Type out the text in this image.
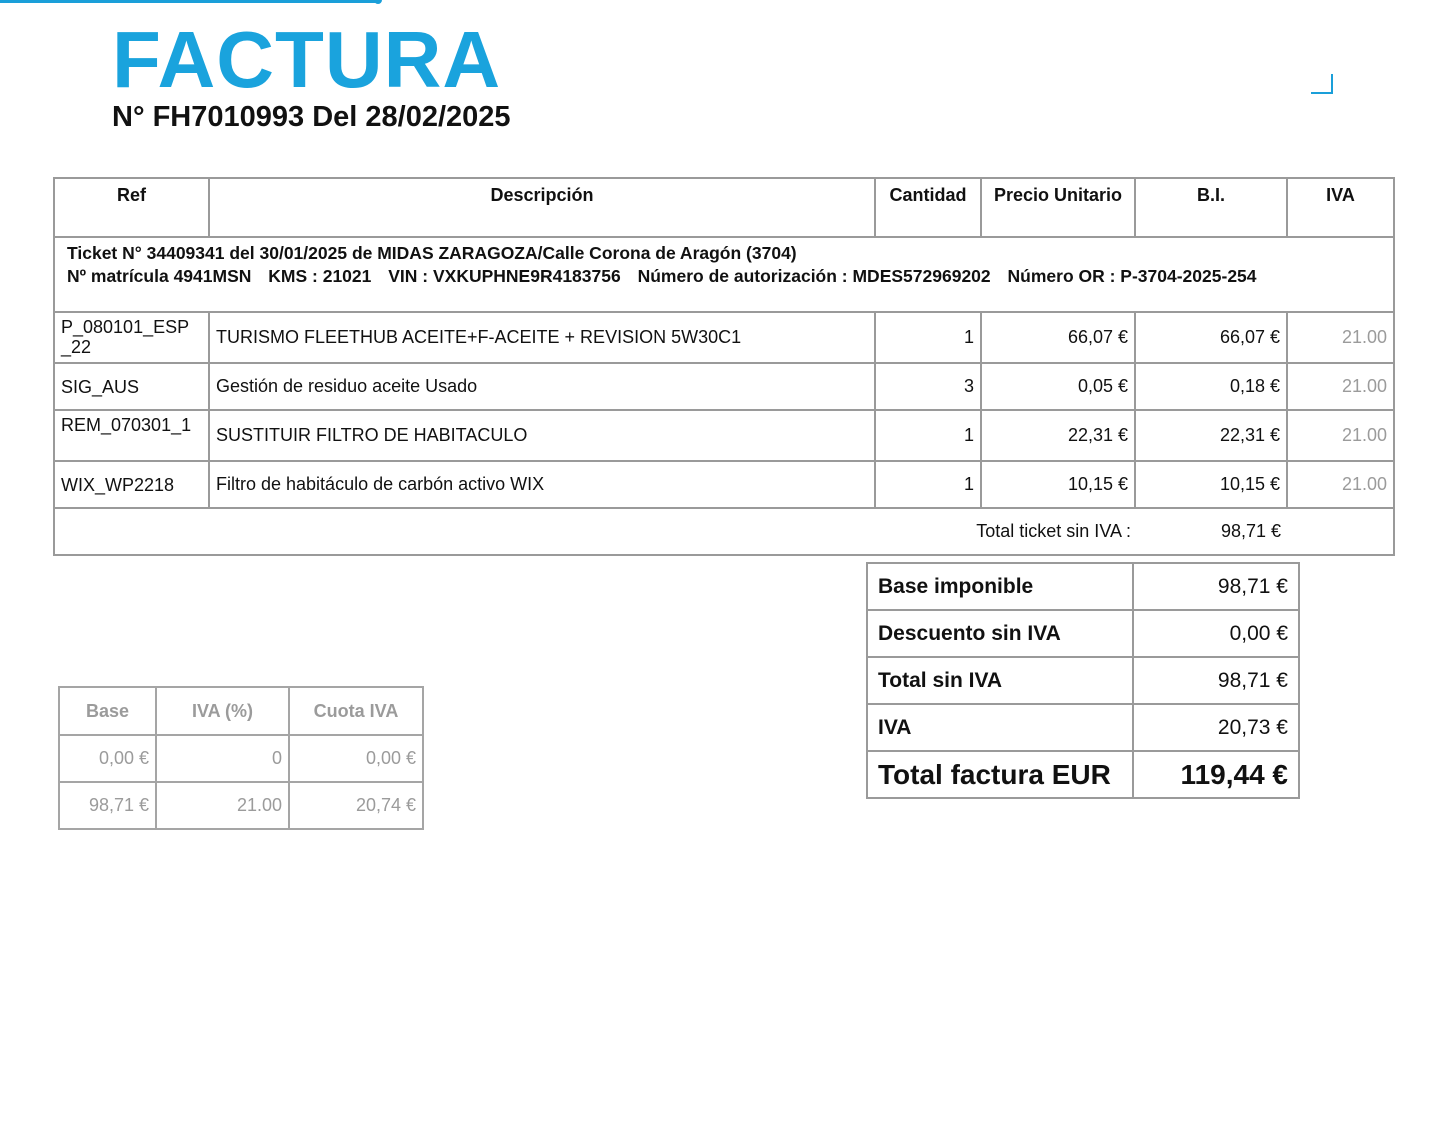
FACTURA
N° FH7010993 Del 28/02/2025
Ref	Descripción	Cantidad	Precio Unitario	B.I.	IVA

Ticket N° 34409341 del 30/01/2025 de MIDAS ZARAGOZA/Calle Corona de Aragón (3704)
Nº matrícula 4941MSN KMS : 21021 VIN : VXKUPHNE9R4183756 Número de autorización : MDES572969202 Número OR : P-3704-2025-254					

P_080101_ESP _22	TURISMO FLEETHUB ACEITE+F-ACEITE + REVISION 5W30C1	1	66,07 €	66,07 €	21.00
SIG_AUS	Gestión de residuo aceite Usado	3	0,05 €	0,18 €	21.00
REM_070301_1	SUSTITUIR FILTRO DE HABITACULO	1	22,31 €	22,31 €	21.00
WIX_WP2218	Filtro de habitáculo de carbón activo WIX	1	10,15 €	10,15 €	21.00

Total ticket sin IVA : 98,71 €					
Base	IVA (%)	Cuota IVA
0,00 €	0	0,00 €
98,71 €	21.00	20,74 €
Base imponible	98,71 €
Descuento sin IVA	0,00 €
Total sin IVA	98,71 €
IVA	20,73 €
Total factura EUR	119,44 €
